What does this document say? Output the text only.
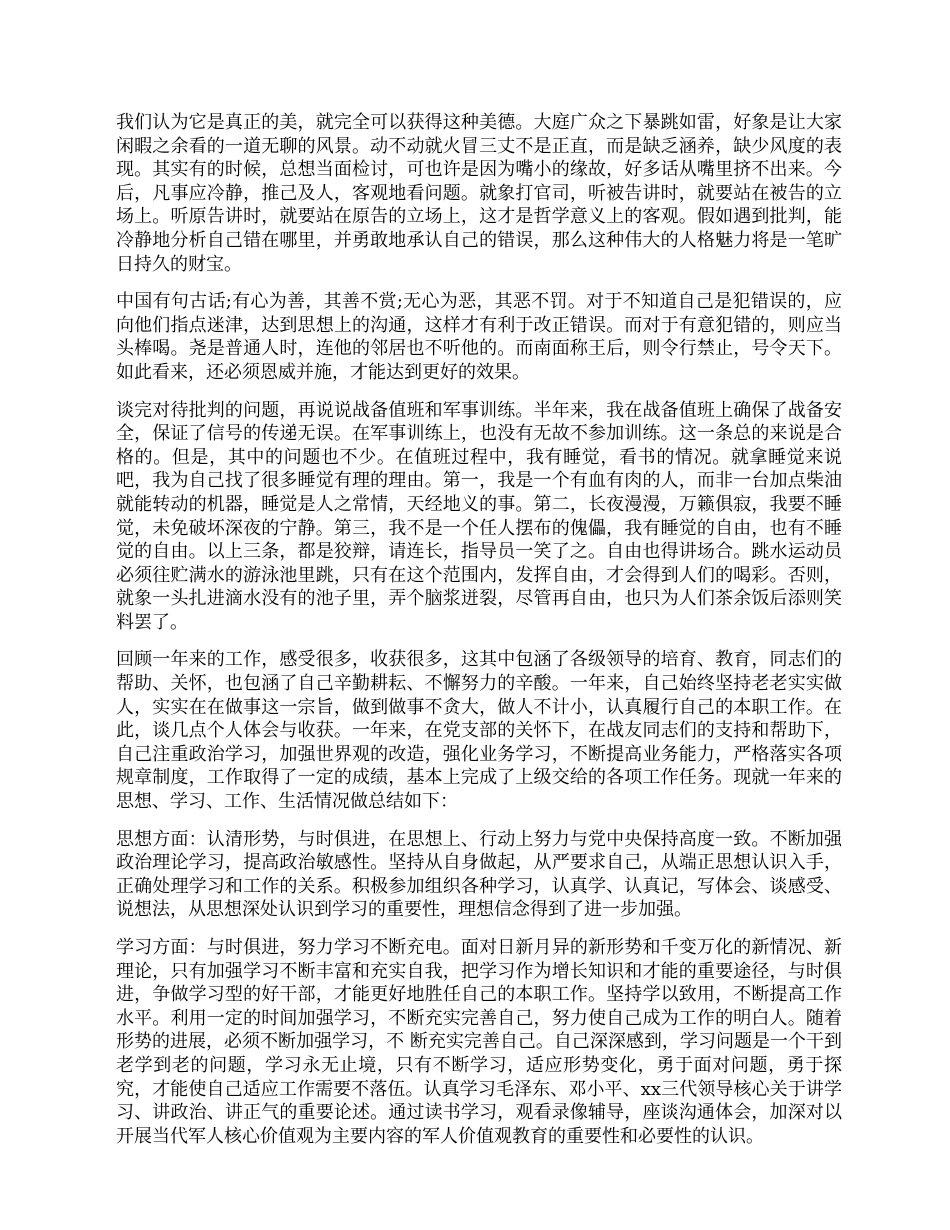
我们认为它是真正的美，就完全可以获得这种美德。大庭广众之下暴跳如雷，好象是让大家闲暇之余看的一道无聊的风景。动不动就火冒三丈不是正直，而是缺乏涵养，缺少风度的表现。其实有的时候，总想当面检讨，可也许是因为嘴小的缘故，好多话从嘴里挤不出来。今后，凡事应冷静，推己及人，客观地看问题。就象打官司，听被告讲时，就要站在被告的立场上。听原告讲时，就要站在原告的立场上，这才是哲学意义上的客观。假如遇到批判，能冷静地分析自己错在哪里，并勇敢地承认自己的错误，那么这种伟大的人格魅力将是一笔旷日持久的财宝。

中国有句古话;有心为善，其善不赏;无心为恶，其恶不罚。对于不知道自己是犯错误的，应向他们指点迷津，达到思想上的沟通，这样才有利于改正错误。而对于有意犯错的，则应当头棒喝。尧是普通人时，连他的邻居也不听他的。而南面称王后，则令行禁止，号令天下。如此看来，还必须恩威并施，才能达到更好的效果。

谈完对待批判的问题，再说说战备值班和军事训练。半年来，我在战备值班上确保了战备安全，保证了信号的传递无误。在军事训练上，也没有无故不参加训练。这一条总的来说是合格的。但是，其中的问题也不少。在值班过程中，我有睡觉，看书的情况。就拿睡觉来说吧，我为自己找了很多睡觉有理的理由。第一，我是一个有血有肉的人，而非一台加点柴油就能转动的机器，睡觉是人之常情，天经地义的事。第二，长夜漫漫，万籁俱寂，我要不睡觉，未免破坏深夜的宁静。第三，我不是一个任人摆布的傀儡，我有睡觉的自由，也有不睡觉的自由。以上三条，都是狡辩，请连长，指导员一笑了之。自由也得讲场合。跳水运动员必须往贮满水的游泳池里跳，只有在这个范围内，发挥自由，才会得到人们的喝彩。否则，就象一头扎进滴水没有的池子里，弄个脑浆迸裂，尽管再自由，也只为人们茶余饭后添则笑料罢了。

回顾一年来的工作，感受很多，收获很多，这其中包涵了各级领导的培育、教育，同志们的帮助、关怀，也包涵了自己辛勤耕耘、不懈努力的辛酸。一年来，自己始终坚持老老实实做人，实实在在做事这一宗旨，做到做事不贪大，做人不计小，认真履行自己的本职工作。在此，谈几点个人体会与收获。一年来，在党支部的关怀下，在战友同志们的支持和帮助下，自己注重政治学习，加强世界观的改造，强化业务学习，不断提高业务能力，严格落实各项规章制度，工作取得了一定的成绩，基本上完成了上级交给的各项工作任务。现就一年来的思想、学习、工作、生活情况做总结如下：

思想方面：认清形势，与时俱进，在思想上、行动上努力与党中央保持高度一致。不断加强政治理论学习，提高政治敏感性。坚持从自身做起，从严要求自己，从端正思想认识入手，正确处理学习和工作的关系。积极参加组织各种学习，认真学、认真记，写体会、谈感受、说想法，从思想深处认识到学习的重要性，理想信念得到了进一步加强。

学习方面：与时俱进，努力学习不断充电。面对日新月异的新形势和千变万化的新情况、新理论，只有加强学习不断丰富和充实自我，把学习作为增长知识和才能的重要途径，与时俱进，争做学习型的好干部，才能更好地胜任自己的本职工作。坚持学以致用，不断提高工作水平。利用一定的时间加强学习，不断充实完善自己，努力使自己成为工作的明白人。随着形势的进展，必须不断加强学习，不 断充实完善自己。自己深深感到，学习问题是一个干到老学到老的问题，学习永无止境，只有不断学习，适应形势变化，勇于面对问题，勇于探究，才能使自己适应工作需要不落伍。认真学习毛泽东、邓小平、xx三代领导核心关于讲学习、讲政治、讲正气的重要论述。通过读书学习，观看录像辅导，座谈沟通体会，加深对以开展当代军人核心价值观为主要内容的军人价值观教育的重要性和必要性的认识。
